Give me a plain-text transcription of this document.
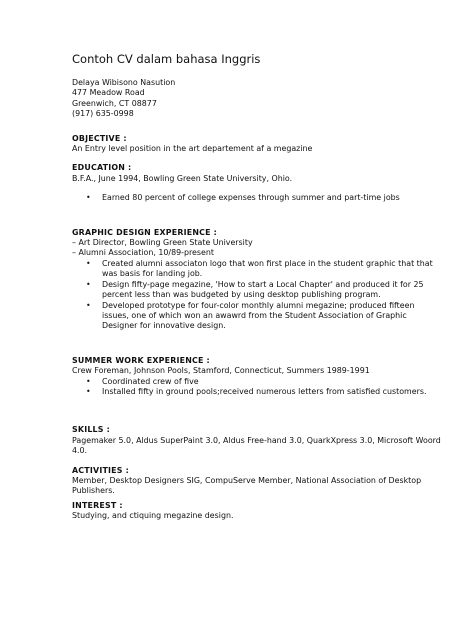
Contoh CV dalam bahasa Inggris
Delaya Wibisono Nasution
477 Meadow Road
Greenwich, CT 08877
(917) 635-0998
OBJECTIVE :
An Entry level position in the art departement af a megazine
EDUCATION :
B.F.A., June 1994, Bowling Green State University, Ohio.
• Earned 80 percent of college expenses through summer and part-time jobs
GRAPHIC DESIGN EXPERIENCE :
– Art Director, Bowling Green State University
– Alumni Association, 10/89-present
• Created alumni associaton logo that won first place in the student graphic that that was basis for landing job.
• Design fifty-page megazine, 'How to start a Local Chapter' and produced it for 25 percent less than was budgeted by using desktop publishing program.
• Developed prototype for four-color monthly alumni megazine; produced fifteen issues, one of which won an awawrd from the Student Association of Graphic Designer for innovative design.
SUMMER WORK EXPERIENCE :
Crew Foreman, Johnson Pools, Stamford, Connecticut, Summers 1989-1991
• Coordinated crew of five
• Installed fifty in ground pools;received numerous letters from satisfied customers.
SKILLS :
Pagemaker 5.0, Aldus SuperPaint 3.0, Aldus Free-hand 3.0, QuarkXpress 3.0, Microsoft Woord 4.0.
ACTIVITIES :
Member, Desktop Designers SIG, CompuServe Member, National Association of Desktop Publishers.
INTEREST :
Studying, and ctiquing megazine design.
